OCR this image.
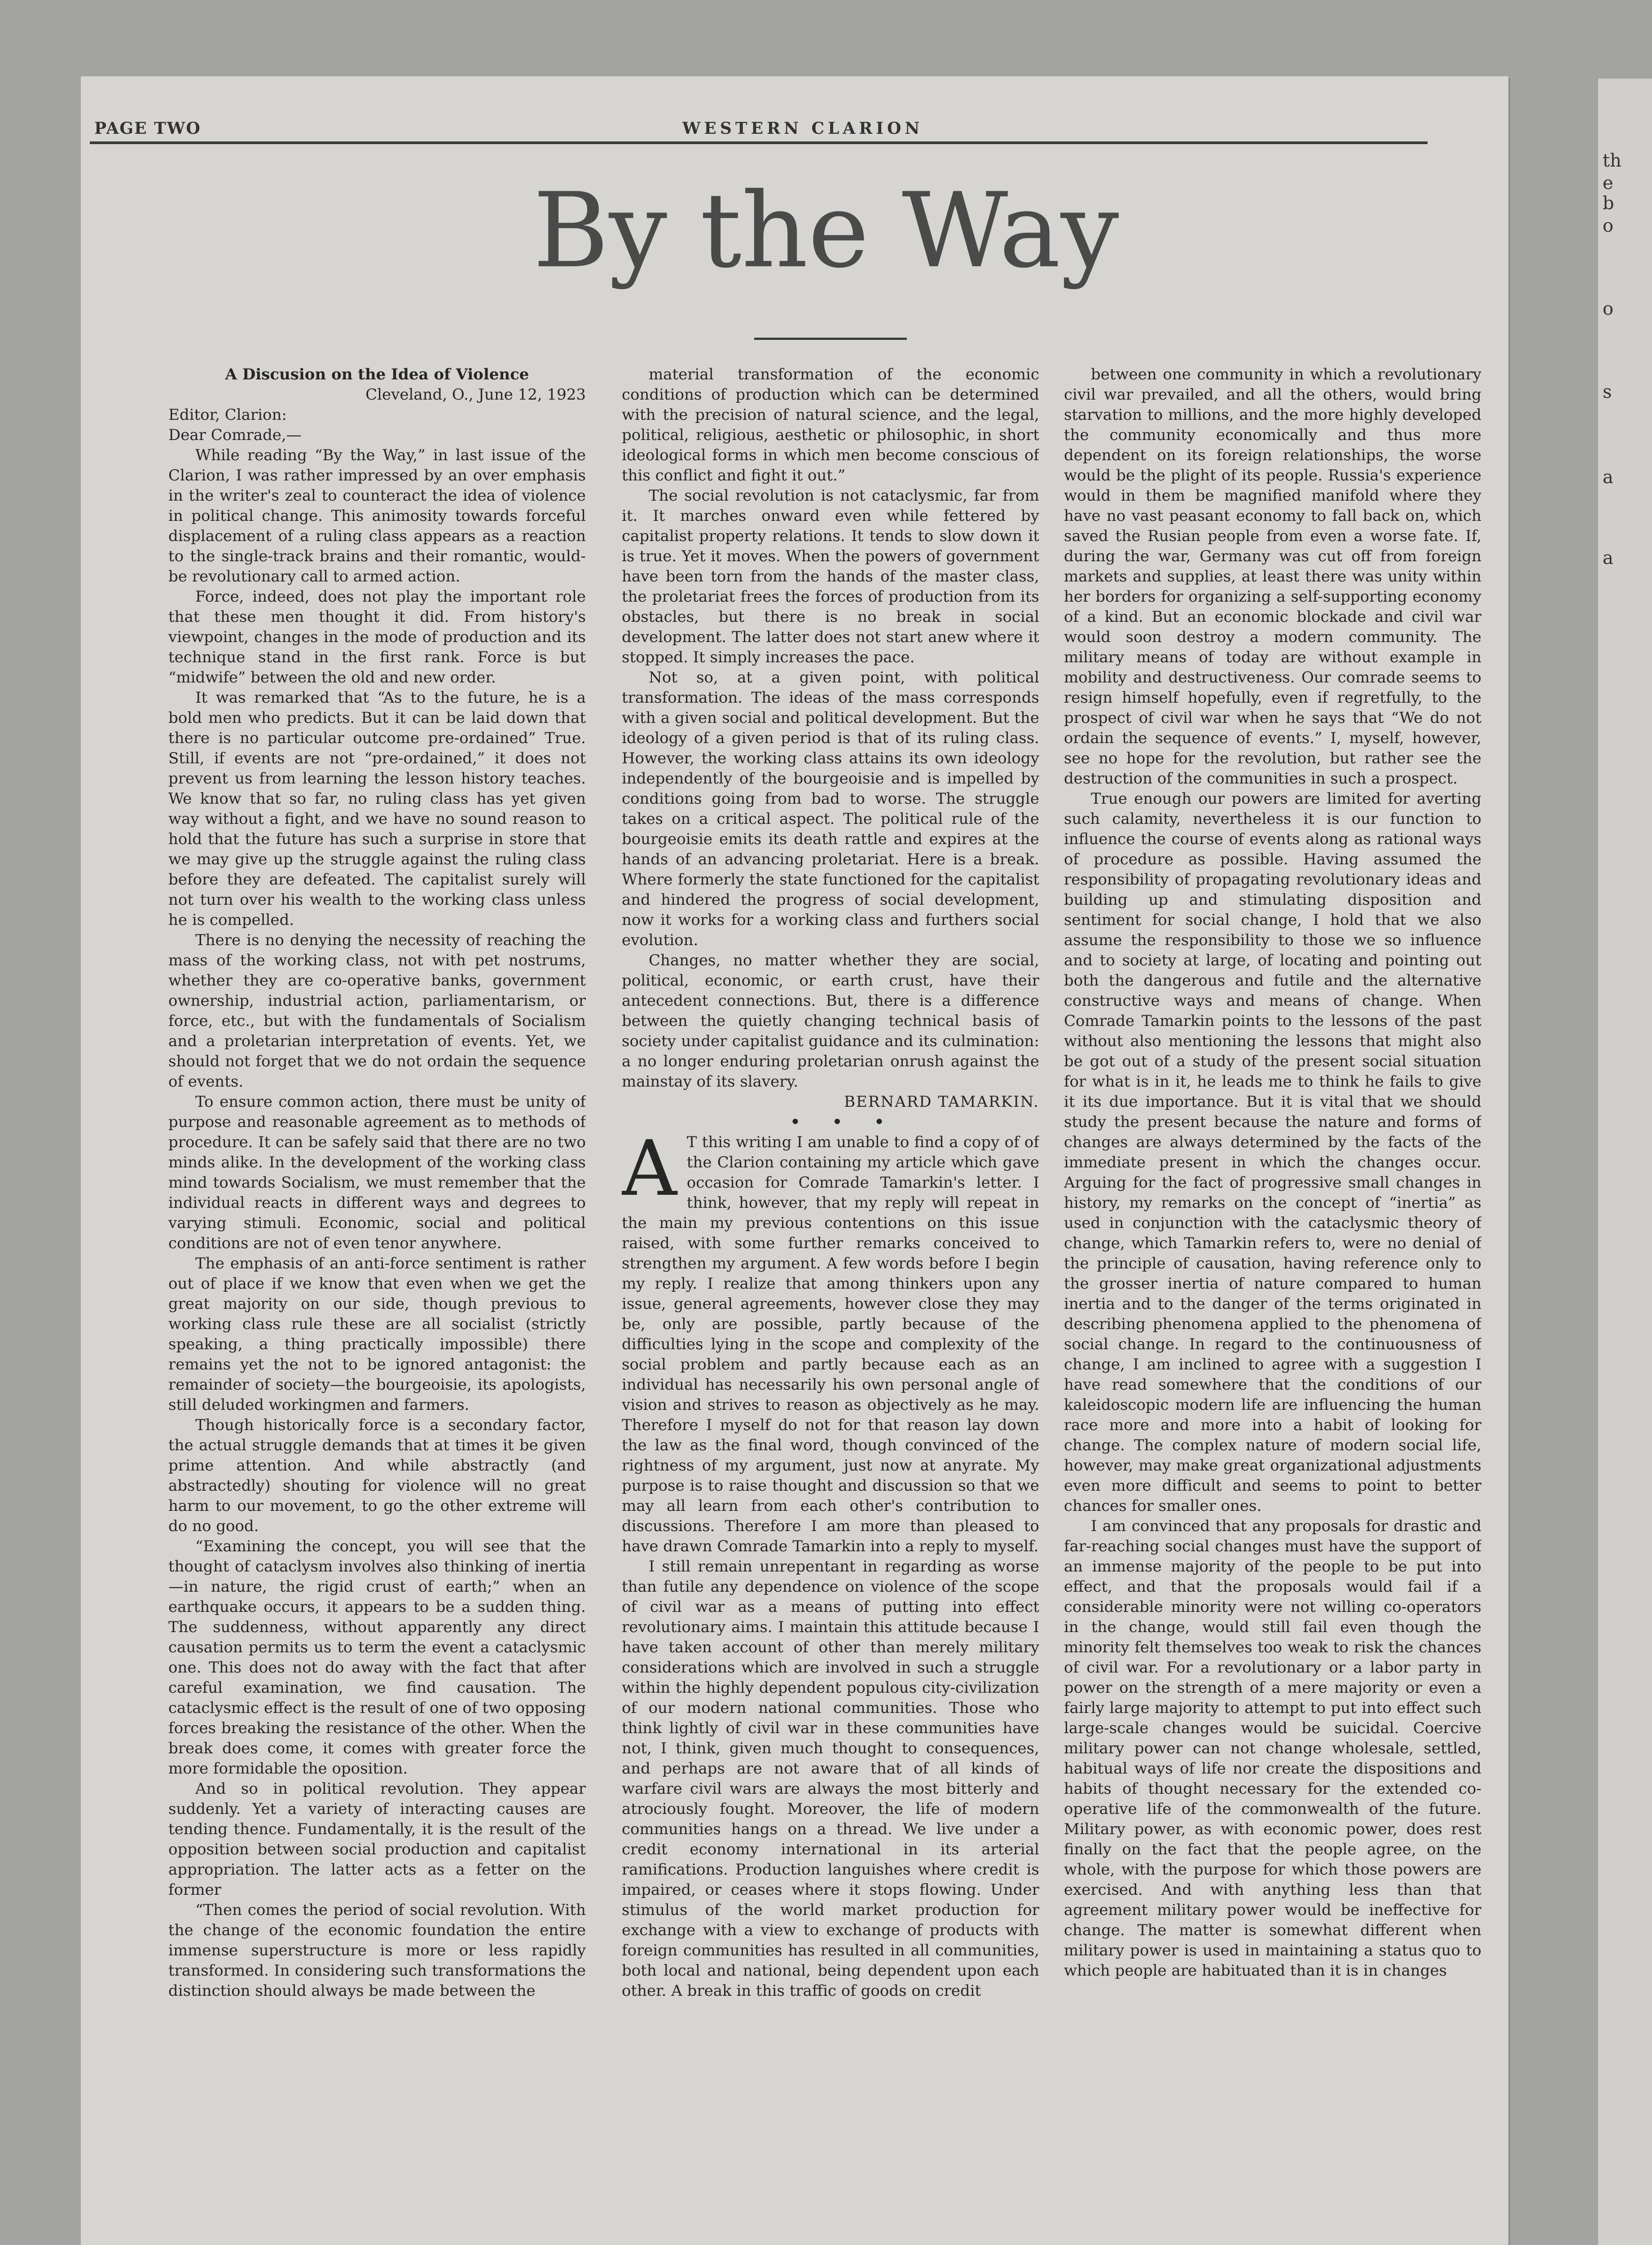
th
e
b
o
o
s
a
a
PAGE TWO	WESTERN CLARION
By the Way
A Discusion on the Idea of Violence

Cleveland, O., June 12, 1923

Editor, Clarion:

Dear Comrade,—

While reading “By the Way,” in last issue of the Clarion, I was rather impressed by an over emphasis in the writer's zeal to counteract the idea of violence in political change. This animosity towards forceful displacement of a ruling class appears as a reaction to the single-track brains and their romantic, would-be revolutionary call to armed action.

Force, indeed, does not play the important role that these men thought it did. From history's viewpoint, changes in the mode of production and its technique stand in the first rank. Force is but “midwife” between the old and new order.

It was remarked that “As to the future, he is a bold men who predicts. But it can be laid down that there is no particular outcome pre-ordained” True. Still, if events are not “pre-ordained,” it does not prevent us from learning the lesson history teaches. We know that so far, no ruling class has yet given way without a fight, and we have no sound reason to hold that the future has such a surprise in store that we may give up the struggle against the ruling class before they are defeated. The capitalist surely will not turn over his wealth to the working class unless he is compelled.

There is no denying the necessity of reaching the mass of the working class, not with pet nostrums, whether they are co-operative banks, government ownership, industrial action, parliamentarism, or force, etc., but with the fundamentals of Socialism and a proletarian interpretation of events. Yet, we should not forget that we do not ordain the sequence of events.

To ensure common action, there must be unity of purpose and reasonable agreement as to methods of procedure. It can be safely said that there are no two minds alike. In the development of the working class mind towards Socialism, we must remember that the individual reacts in different ways and degrees to varying stimuli. Economic, social and political conditions are not of even tenor anywhere.

The emphasis of an anti-force sentiment is rather out of place if we know that even when we get the great majority on our side, though previous to working class rule these are all socialist (strictly speaking, a thing practically impossible) there remains yet the not to be ignored antagonist: the remainder of society—the bourgeoisie, its apologists, still deluded workingmen and farmers.

Though historically force is a secondary factor, the actual struggle demands that at times it be given prime attention. And while abstractly (and abstractedly) shouting for violence will no great harm to our movement, to go the other extreme will do no good.

“Examining the concept, you will see that the thought of cataclysm involves also thinking of inertia—in nature, the rigid crust of earth;” when an earthquake occurs, it appears to be a sudden thing. The suddenness, without apparently any direct causation permits us to term the event a cataclysmic one. This does not do away with the fact that after careful examination, we find causation. The cataclysmic effect is the result of one of two opposing forces breaking the resistance of the other. When the break does come, it comes with greater force the more formidable the oposition.

And so in political revolution. They appear suddenly. Yet a variety of interacting causes are tending thence. Fundamentally, it is the result of the opposition between social production and capitalist appropriation. The latter acts as a fetter on the former

“Then comes the period of social revolution. With the change of the economic foundation the entire immense superstructure is more or less rapidly transformed. In considering such transformations the distinction should always be made between the

material transformation of the economic conditions of production which can be determined with the precision of natural science, and the legal, political, religious, aesthetic or philosophic, in short ideological forms in which men become conscious of this conflict and fight it out.”

The social revolution is not cataclysmic, far from it. It marches onward even while fettered by capitalist property relations. It tends to slow down it is true. Yet it moves. When the powers of government have been torn from the hands of the master class, the proletariat frees the forces of production from its obstacles, but there is no break in social development. The latter does not start anew where it stopped. It simply increases the pace.

Not so, at a given point, with political transformation. The ideas of the mass corresponds with a given social and political development. But the ideology of a given period is that of its ruling class. However, the working class attains its own ideology independently of the bourgeoisie and is impelled by conditions going from bad to worse. The struggle takes on a critical aspect. The political rule of the bourgeoisie emits its death rattle and expires at the hands of an advancing proletariat. Here is a break. Where formerly the state functioned for the capitalist and hindered the progress of social development, now it works for a working class and furthers social evolution.

Changes, no matter whether they are social, political, economic, or earth crust, have their antecedent connections. But, there is a difference between the quietly changing technical basis of society under capitalist guidance and its culmination: a no longer enduring proletarian onrush against the mainstay of its slavery.

BERNARD TAMARKIN.

• • •

A T this writing I am unable to find a copy of of the Clarion containing my article which gave occasion for Comrade Tamarkin's letter. I think, however, that my reply will repeat in the main my previous contentions on this issue raised, with some further remarks conceived to strengthen my argument. A few words before I begin my reply. I realize that among thinkers upon any issue, general agreements, however close they may be, only are possible, partly because of the difficulties lying in the scope and complexity of the social problem and partly because each as an individual has necessarily his own personal angle of vision and strives to reason as objectively as he may. Therefore I myself do not for that reason lay down the law as the final word, though convinced of the rightness of my argument, just now at anyrate. My purpose is to raise thought and discussion so that we may all learn from each other's contribution to discussions. Therefore I am more than pleased to have drawn Comrade Tamarkin into a reply to myself.

I still remain unrepentant in regarding as worse than futile any dependence on violence of the scope of civil war as a means of putting into effect revolutionary aims. I maintain this attitude because I have taken account of other than merely military considerations which are involved in such a struggle within the highly dependent populous city-civilization of our modern national communities. Those who think lightly of civil war in these communities have not, I think, given much thought to consequences, and perhaps are not aware that of all kinds of warfare civil wars are always the most bitterly and atrociously fought. Moreover, the life of modern communities hangs on a thread. We live under a credit economy international in its arterial ramifications. Production languishes where credit is impaired, or ceases where it stops flowing. Under stimulus of the world market production for exchange with a view to exchange of products with foreign communities has resulted in all communities, both local and national, being dependent upon each other. A break in this traffic of goods on credit

between one community in which a revolutionary civil war prevailed, and all the others, would bring starvation to millions, and the more highly developed the community economically and thus more dependent on its foreign relationships, the worse would be the plight of its people. Russia's experience would in them be magnified manifold where they have no vast peasant economy to fall back on, which saved the Rusian people from even a worse fate. If, during the war, Germany was cut off from foreign markets and supplies, at least there was unity within her borders for organizing a self-supporting economy of a kind. But an economic blockade and civil war would soon destroy a modern community. The military means of today are without example in mobility and destructiveness. Our comrade seems to resign himself hopefully, even if regretfully, to the prospect of civil war when he says that “We do not ordain the sequence of events.” I, myself, however, see no hope for the revolution, but rather see the destruction of the communities in such a prospect.

True enough our powers are limited for averting such calamity, nevertheless it is our function to influence the course of events along as rational ways of procedure as possible. Having assumed the responsibility of propagating revolutionary ideas and building up and stimulating disposition and sentiment for social change, I hold that we also assume the responsibility to those we so influence and to society at large, of locating and pointing out both the dangerous and futile and the alternative constructive ways and means of change. When Comrade Tamarkin points to the lessons of the past without also mentioning the lessons that might also be got out of a study of the present social situation for what is in it, he leads me to think he fails to give it its due importance. But it is vital that we should study the present because the nature and forms of changes are always determined by the facts of the immediate present in which the changes occur. Arguing for the fact of progressive small changes in history, my remarks on the concept of “inertia” as used in conjunction with the cataclysmic theory of change, which Tamarkin refers to, were no denial of the principle of causation, having reference only to the grosser inertia of nature compared to human inertia and to the danger of the terms originated in describing phenomena applied to the phenomena of social change. In regard to the continuousness of change, I am inclined to agree with a suggestion I have read somewhere that the conditions of our kaleidoscopic modern life are influencing the human race more and more into a habit of looking for change. The complex nature of modern social life, however, may make great organizational adjustments even more difficult and seems to point to better chances for smaller ones.

I am convinced that any proposals for drastic and far-reaching social changes must have the support of an immense majority of the people to be put into effect, and that the proposals would fail if a considerable minority were not willing co-operators in the change, would still fail even though the minority felt themselves too weak to risk the chances of civil war. For a revolutionary or a labor party in power on the strength of a mere majority or even a fairly large majority to attempt to put into effect such large-scale changes would be suicidal. Coercive military power can not change wholesale, settled, habitual ways of life nor create the dispositions and habits of thought necessary for the extended co-operative life of the commonwealth of the future. Military power, as with economic power, does rest finally on the fact that the people agree, on the whole, with the purpose for which those powers are exercised. And with anything less than that agreement military power would be ineffective for change. The matter is somewhat different when military power is used in maintaining a status quo to which people are habituated than it is in changes
